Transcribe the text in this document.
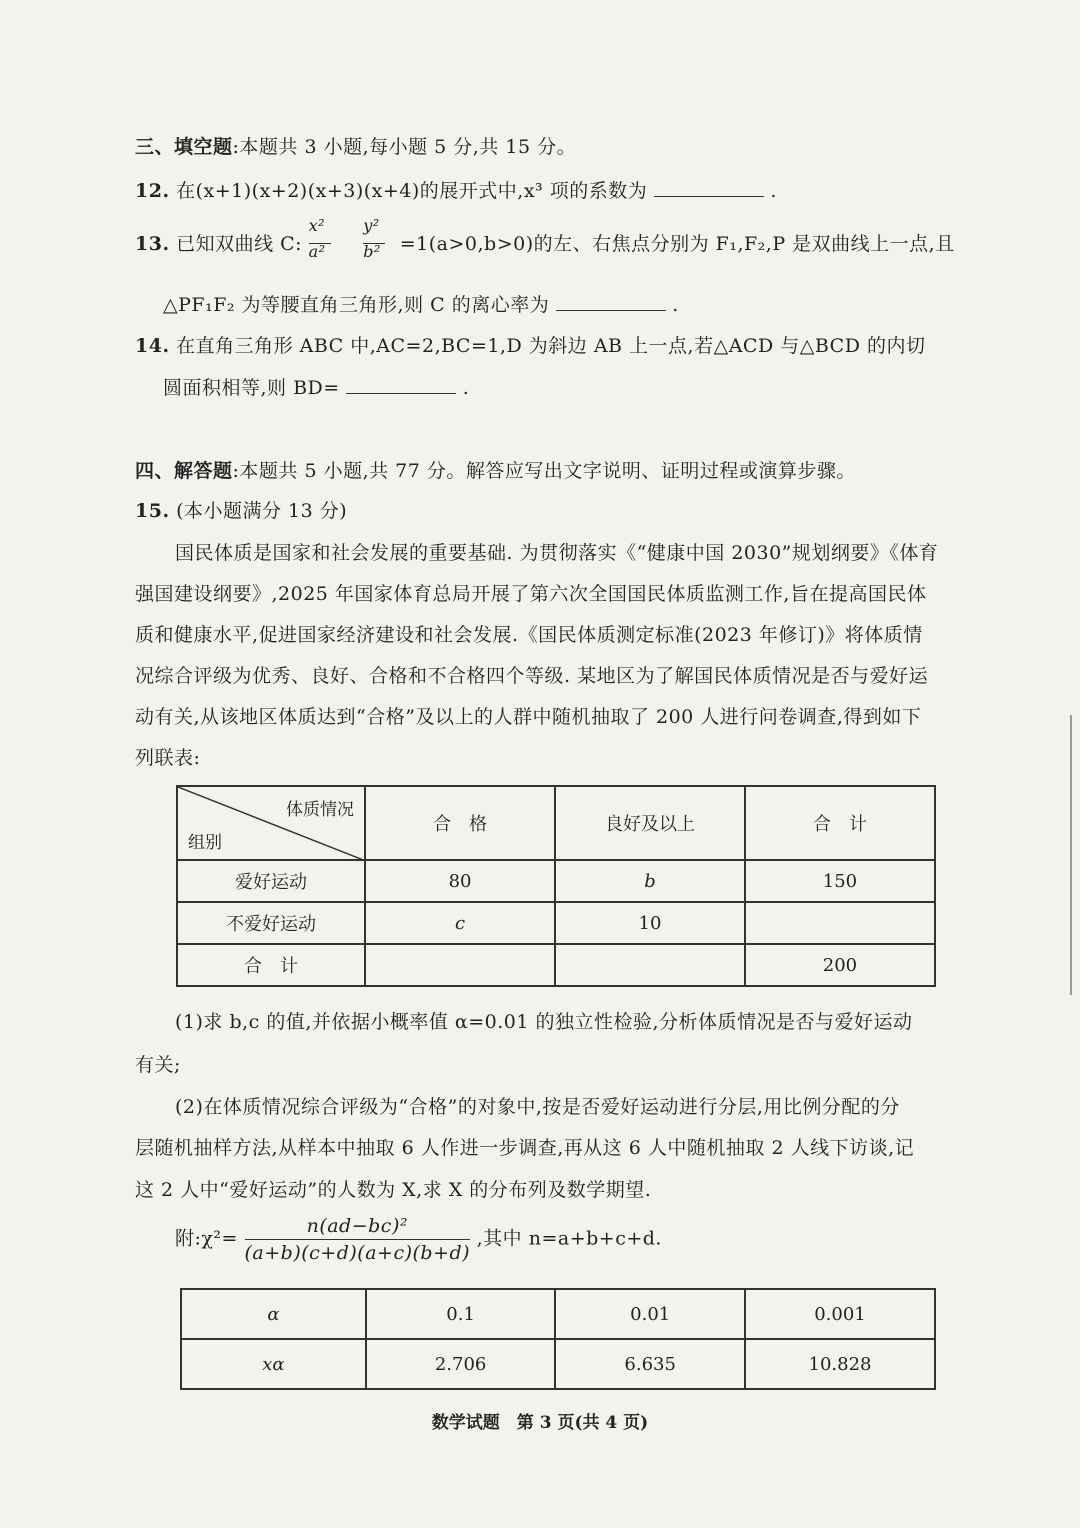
三、填空题:本题共 3 小题,每小题 5 分,共 15 分。
12. 在(x+1)(x+2)(x+3)(x+4)的展开式中,x³ 项的系数为	.
13. 已知双曲线 C: $\frac{\text{x²}}{\text{a²}}$
$\frac{\text{y²}}{\text{b²}} =1(a>0,b>0)$的左、右焦点分别为 F₁,F₂,P 是双曲线上一点,且
△PF₁F₂ 为等腰直角三角形,则 C 的离心率为	.
14. 在直角三角形 ABC 中,AC=2,BC=1,D 为斜边 AB 上一点,若△ACD 与△BCD 的内切
圆面积相等,则 BD=	.
四、解答题:本题共 5 小题,共 77 分。解答应写出文字说明、证明过程或演算步骤。
15. (本小题满分 13 分)
国民体质是国家和社会发展的重要基础. 为贯彻落实《“健康中国 2030”规划纲要》《体育
强国建设纲要》,2025 年国家体育总局开展了第六次全国国民体质监测工作,旨在提高国民体
质和健康水平,促进国家经济建设和社会发展.《国民体质测定标准(2023 年修订)》将体质情
况综合评级为优秀、良好、合格和不合格四个等级. 某地区为了解国民体质情况是否与爱好运
动有关,从该地区体质达到“合格”及以上的人群中随机抽取了 200 人进行问卷调查,得到如下
列联表:
体质情况
组别	合　格	良好及以上	合　计
爱好运动	80	b	150
不爱好运动	c	10	
合　计			200
(1)求 b,c 的值,并依据小概率值 α=0.01 的独立性检验,分析体质情况是否与爱好运动
有关;
(2)在体质情况综合评级为“合格”的对象中,按是否爱好运动进行分层,用比例分配的分
层随机抽样方法,从样本中抽取 6 人作进一步调查,再从这 6 人中随机抽取 2 人线下访谈,记
这 2 人中“爱好运动”的人数为 X,求 X 的分布列及数学期望.
附:χ²= $\frac{\text{n(ad−bc)²}}{(a+b)(c+d)(a+c)(b+d)}$ ,其中 n=a+b+c+d.
α	0.1	0.01	0.001
xα	2.706	6.635	10.828
数学试题　第 3 页(共 4 页)
